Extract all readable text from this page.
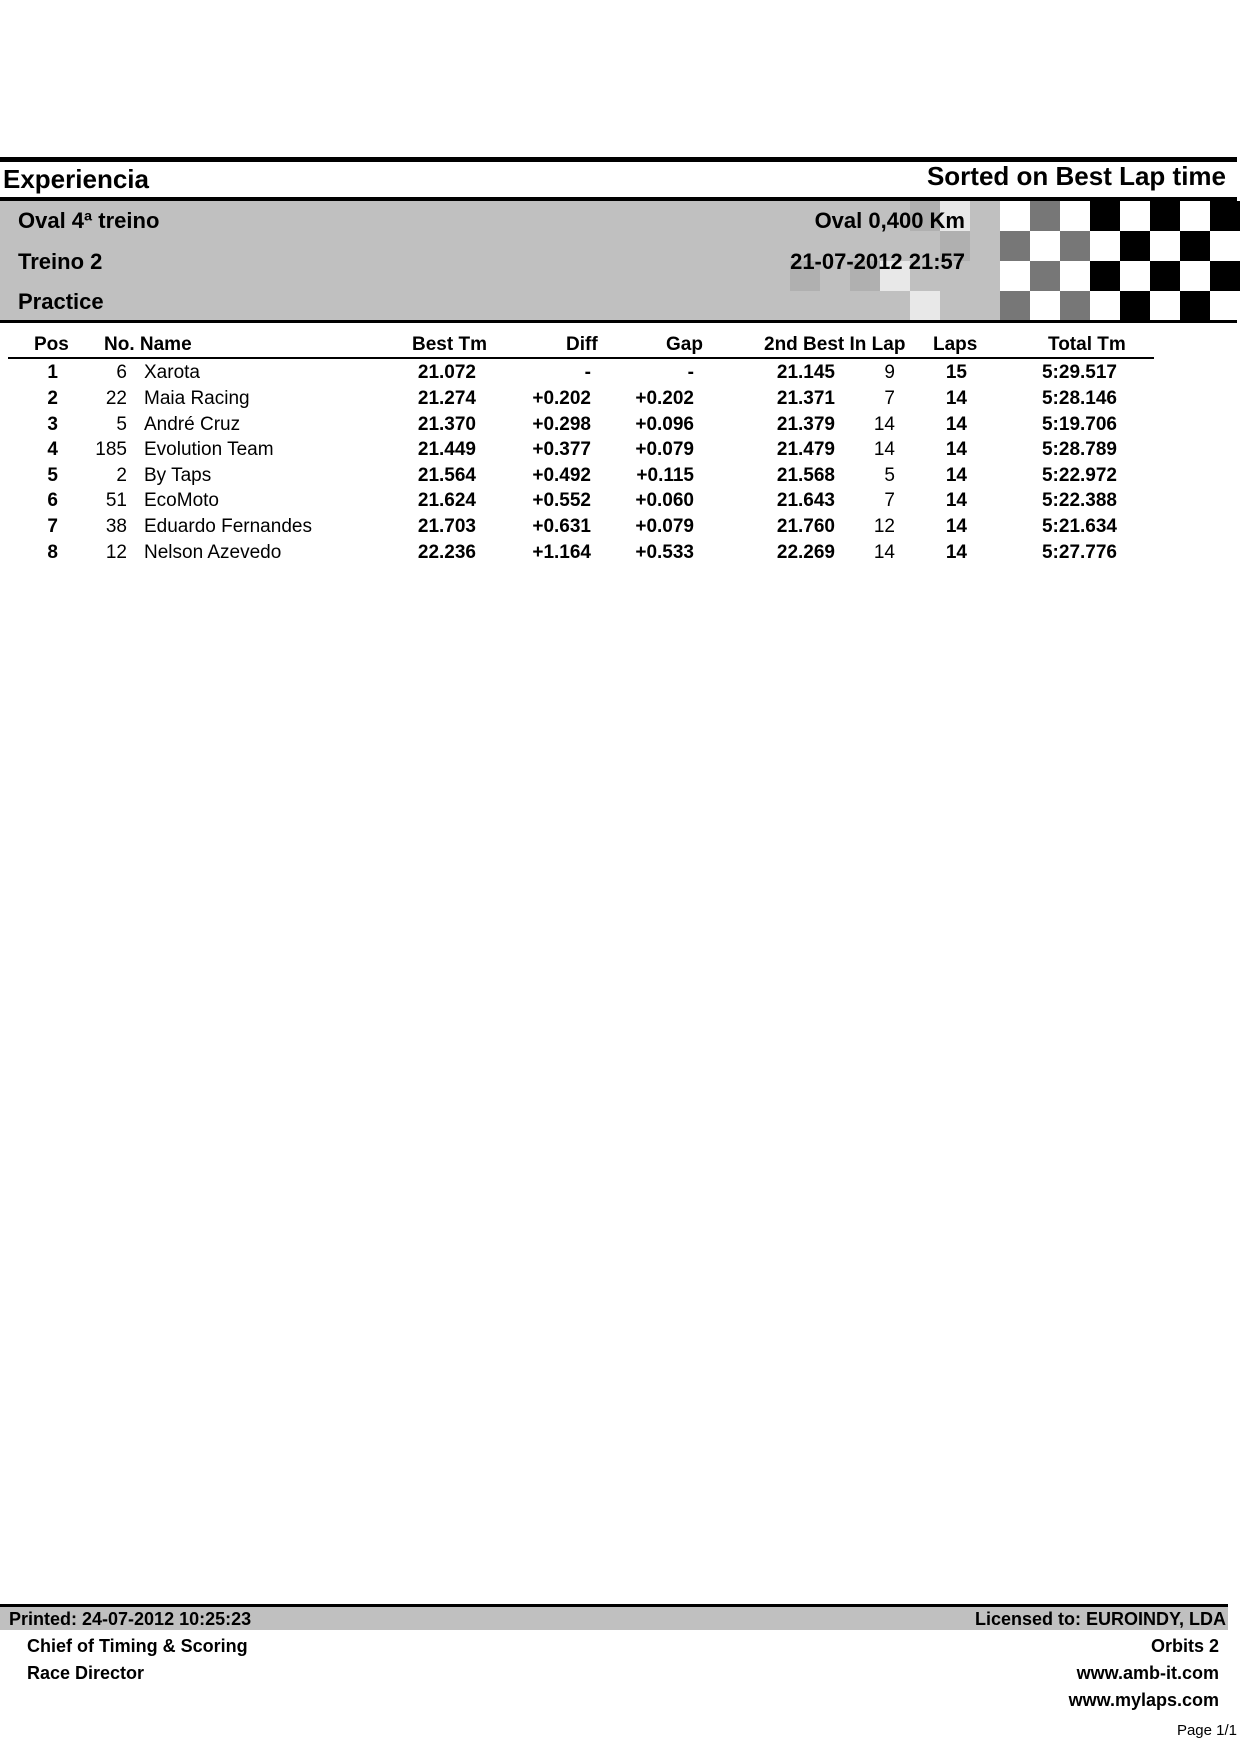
Experiencia	Sorted on Best Lap time
Oval 4ª treino
Treino 2
Practice
Oval 0,400 Km
21-07-2012 21:57
Pos No. Name	Best Tm	Diff	Gap	2nd Best In Lap Laps	Total Tm
1	6 Xarota	21.072	-	-	21.145	9	15	5:29.517
2	22 Maia Racing	21.274	+0.202	+0.202	21.371	7	14	5:28.146
3	5 André Cruz	21.370	+0.298	+0.096	21.379	14	14	5:19.706
4	185 Evolution Team	21.449	+0.377	+0.079	21.479	14	14	5:28.789
5	2 By Taps	21.564	+0.492	+0.115	21.568	5	14	5:22.972
6	51 EcoMoto	21.624	+0.552	+0.060	21.643	7	14	5:22.388
7	38 Eduardo Fernandes	21.703	+0.631	+0.079	21.760	12	14	5:21.634
8	12 Nelson Azevedo	22.236	+1.164	+0.533	22.269	14	14	5:27.776
Printed: 24-07-2012 10:25:23	Licensed to: EUROINDY, LDA
Chief of Timing & Scoring
Race Director
Orbits 2
www.amb-it.com
www.mylaps.com
Page 1/1
